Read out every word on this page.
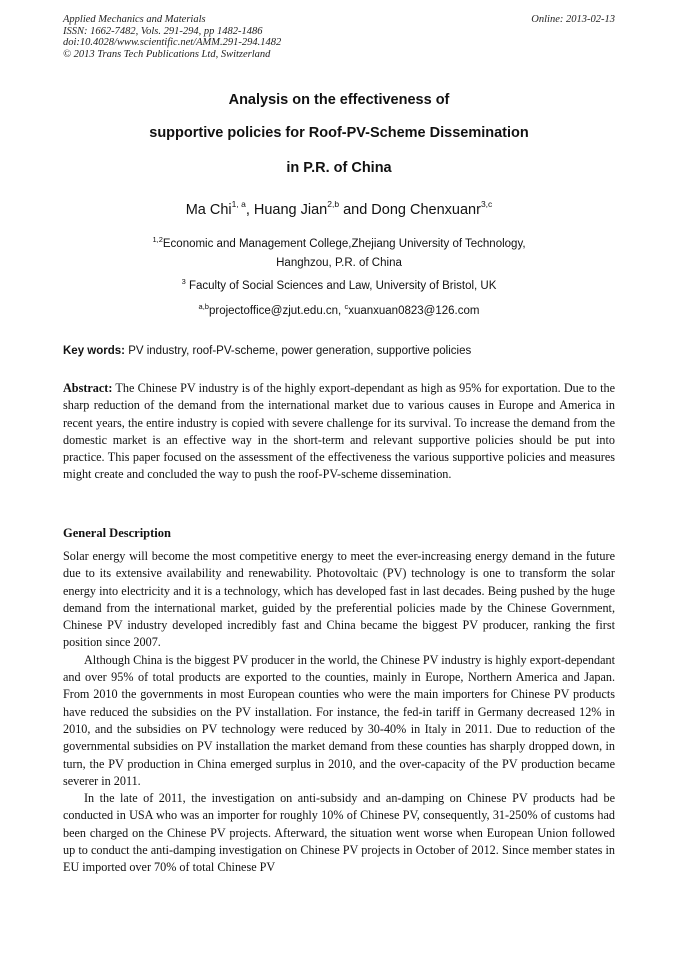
Applied Mechanics and Materials
ISSN: 1662-7482, Vols. 291-294, pp 1482-1486
doi:10.4028/www.scientific.net/AMM.291-294.1482
© 2013 Trans Tech Publications Ltd, Switzerland
Online: 2013-02-13
Analysis on the effectiveness of
supportive policies for Roof-PV-Scheme Dissemination
in P.R. of China
Ma Chi$^{1, a}$, Huang Jian$^{2,b}$ and Dong Chenxuanr$^{3,c}$
$^{1,2}$Economic and Management College,Zhejiang University of Technology,
Hanghzou, P.R. of China
$^3$ Faculty of Social Sciences and Law, University of Bristol, UK
$^{a,b}$projectoffice@zjut.edu.cn, $^c$xuanxuan0823@126.com
Key words: PV industry, roof-PV-scheme, power generation, supportive policies
Abstract: The Chinese PV industry is of the highly export-dependant as high as 95% for exportation. Due to the sharp reduction of the demand from the international market due to various causes in Europe and America in recent years, the entire industry is copied with severe challenge for its survival. To increase the demand from the domestic market is an effective way in the short-term and relevant supportive policies should be put into practice. This paper focused on the assessment of the effectiveness the various supportive policies and measures might create and concluded the way to push the roof-PV-scheme dissemination.
General Description

Solar energy will become the most competitive energy to meet the ever-increasing energy demand in the future due to its extensive availability and renewability. Photovoltaic (PV) technology is one to transform the solar energy into electricity and it is a technology, which has developed fast in last decades. Being pushed by the huge demand from the international market, guided by the preferential policies made by the Chinese Government, Chinese PV industry developed incredibly fast and China became the biggest PV producer, ranking the first position since 2007.

Although China is the biggest PV producer in the world, the Chinese PV industry is highly export-dependant and over 95% of total products are exported to the counties, mainly in Europe, Northern America and Japan. From 2010 the governments in most European counties who were the main importers for Chinese PV products have reduced the subsidies on the PV installation. For instance, the fed-in tariff in Germany decreased 12% in 2010, and the subsidies on PV technology were reduced by 30-40% in Italy in 2011. Due to reduction of the governmental subsidies on PV installation the market demand from these counties has sharply dropped down, in turn, the PV production in China emerged surplus in 2010, and the over-capacity of the PV production became severer in 2011.

In the late of 2011, the investigation on anti-subsidy and an-damping on Chinese PV products had be conducted in USA who was an importer for roughly 10% of Chinese PV, consequently, 31-250% of customs had been charged on the Chinese PV projects. Afterward, the situation went worse when European Union followed up to conduct the anti-damping investigation on Chinese PV projects in October of 2012. Since member states in EU imported over 70% of total Chinese PV
